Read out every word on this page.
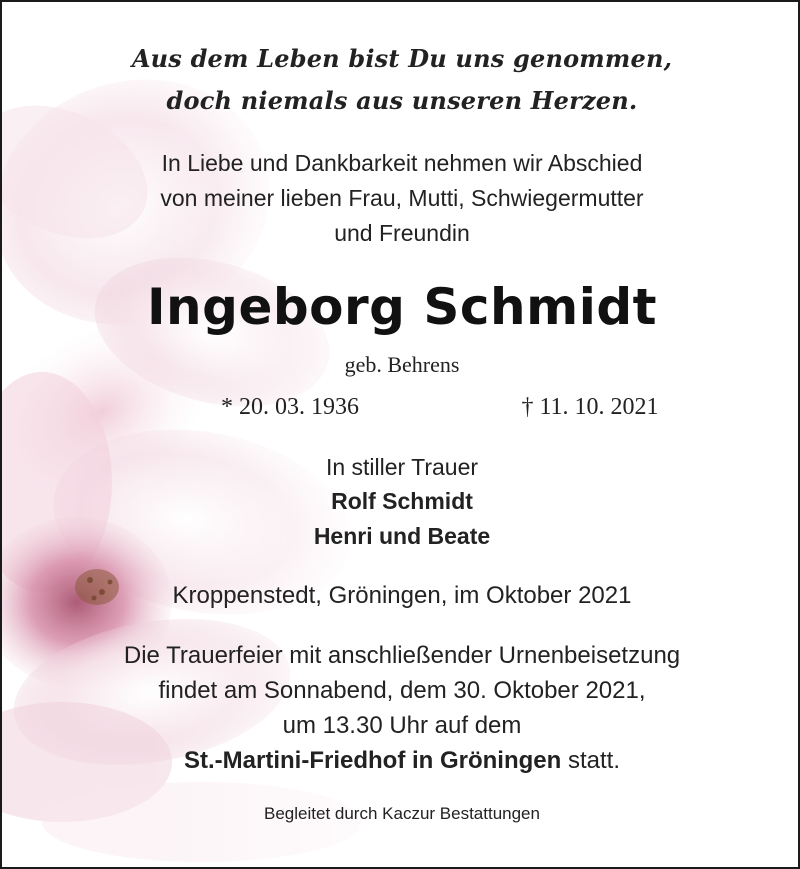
Aus dem Leben bist Du uns genommen,
doch niemals aus unseren Herzen.
In Liebe und Dankbarkeit nehmen wir Abschied
von meiner lieben Frau, Mutti, Schwiegermutter
und Freundin
Ingeborg Schmidt
geb. Behrens
* 20. 03. 1936	† 11. 10. 2021
In stiller Trauer
Rolf Schmidt
Henri und Beate
Kroppenstedt, Gröningen, im Oktober 2021
Die Trauerfeier mit anschließender Urnenbeisetzung
findet am Sonnabend, dem 30. Oktober 2021,
um 13.30 Uhr auf dem
St.-Martini-Friedhof in Gröningen statt.
Begleitet durch Kaczur Bestattungen
